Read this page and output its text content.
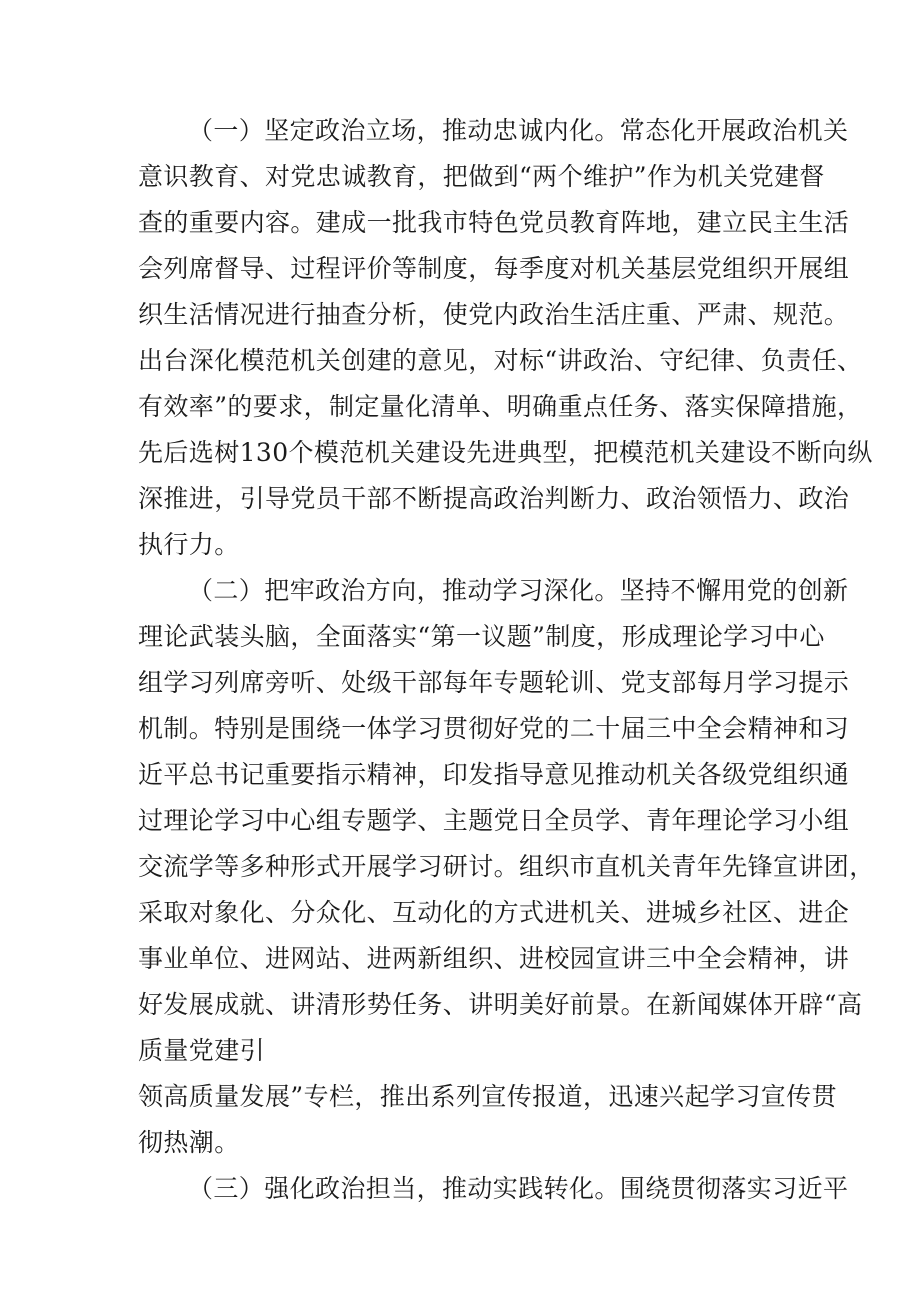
（一）坚定政治立场，推动忠诚内化。常态化开展政治机关
意识教育、对党忠诚教育，把做到“两个维护”作为机关党建督
查的重要内容。建成一批我市特色党员教育阵地，建立民主生活
会列席督导、过程评价等制度，每季度对机关基层党组织开展组
织生活情况进行抽查分析，使党内政治生活庄重、严肃、规范。
出台深化模范机关创建的意见，对标“讲政治、守纪律、负责任、
有效率”的要求，制定量化清单、明确重点任务、落实保障措施，
先后选树130个模范机关建设先进典型，把模范机关建设不断向纵
深推进，引导党员干部不断提高政治判断力、政治领悟力、政治
执行力。
（二）把牢政治方向，推动学习深化。坚持不懈用党的创新
理论武装头脑，全面落实“第一议题”制度，形成理论学习中心
组学习列席旁听、处级干部每年专题轮训、党支部每月学习提示
机制。特别是围绕一体学习贯彻好党的二十届三中全会精神和习
近平总书记重要指示精神，印发指导意见推动机关各级党组织通
过理论学习中心组专题学、主题党日全员学、青年理论学习小组
交流学等多种形式开展学习研讨。组织市直机关青年先锋宣讲团，
采取对象化、分众化、互动化的方式进机关、进城乡社区、进企
事业单位、进网站、进两新组织、进校园宣讲三中全会精神，讲
好发展成就、讲清形势任务、讲明美好前景。在新闻媒体开辟“高
质量党建引
领高质量发展”专栏，推出系列宣传报道，迅速兴起学习宣传贯
彻热潮。
（三）强化政治担当，推动实践转化。围绕贯彻落实习近平
